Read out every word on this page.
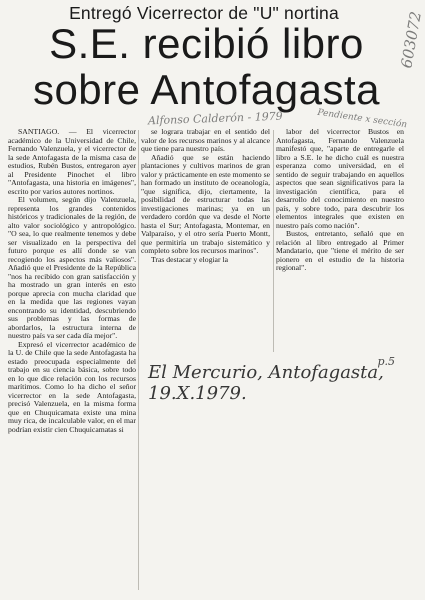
Entregó Vicerrector de "U" nortina
S.E. recibió libro
sobre Antofagasta
603072
Alfonso Calderón - 1979	Pendiente x sección

SANTIAGO. — El vicerrector académico de la Universidad de Chile, Fernando Valenzuela, y el vicerrector de la sede Antofagasta de la misma casa de estudios, Rubén Bustos, entregaron ayer al Presidente Pinochet el libro "Antofagasta, una historia en imágenes", escrito por varios autores nortinos.

El volumen, según dijo Valenzuela, representa los grandes contenidos históricos y tradicionales de la región, de alto valor sociológico y antropológico. "O sea, lo que realmente tenemos y debe ser visualizado en la perspectiva del futuro porque es allí donde se van recogiendo los aspectos más valiosos". Añadió que el Presidente de la República "nos ha recibido con gran satisfacción y ha mostrado un gran interés en esto porque aprecia con mucha claridad que en la medida que las regiones vayan encontrando su identidad, descubriendo sus problemas y las formas de abordarlos, la estructura interna de nuestro país va ser cada día mejor".

Expresó el vicerrector académico de la U. de Chile que la sede Antofagasta ha estado preocupada especialmente del trabajo en su ciencia básica, sobre todo en lo que dice relación con los recursos marítimos. Como lo ha dicho el señor vicerrector en la sede Antofagasta, precisó Valenzuela, en la misma forma que en Chuquicamata existe una mina muy rica, de incalculable valor, en el mar podrían existir cien Chuquicamatas si

se lograra trabajar en el sentido del valor de los recursos marinos y al alcance que tiene para nuestro país.

Añadió que se están haciendo plantaciones y cultivos marinos de gran valor y prácticamente en este momento se han formado un instituto de oceanología, "que significa, dijo, ciertamente, la posibilidad de estructurar todas las investigaciones marinas; ya en un verdadero cordón que va desde el Norte hasta el Sur; Antofagasta, Montemar, en Valparaíso, y el otro sería Puerto Montt, que permitiría un trabajo sistemático y completo sobre los recursos marinos".

Tras destacar y elogiar la

labor del vicerrector Bustos en Antofagasta, Fernando Valenzuela manifestó que, "aparte de entregarle el libro a S.E. le he dicho cuál es nuestra esperanza como universidad, en el sentido de seguir trabajando en aquellos aspectos que sean significativos para la investigación científica, para el desarrollo del conocimiento en nuestro país, y sobre todo, para descubrir los elementos integrales que existen en nuestro país como nación".

Bustos, entretanto, señaló que en relación al libro entregado al Primer Mandatario, que "tiene el mérito de ser pionero en el estudio de la historia regional".

El Mercurio, Antofagasta, 19.X.1979.
p.5
